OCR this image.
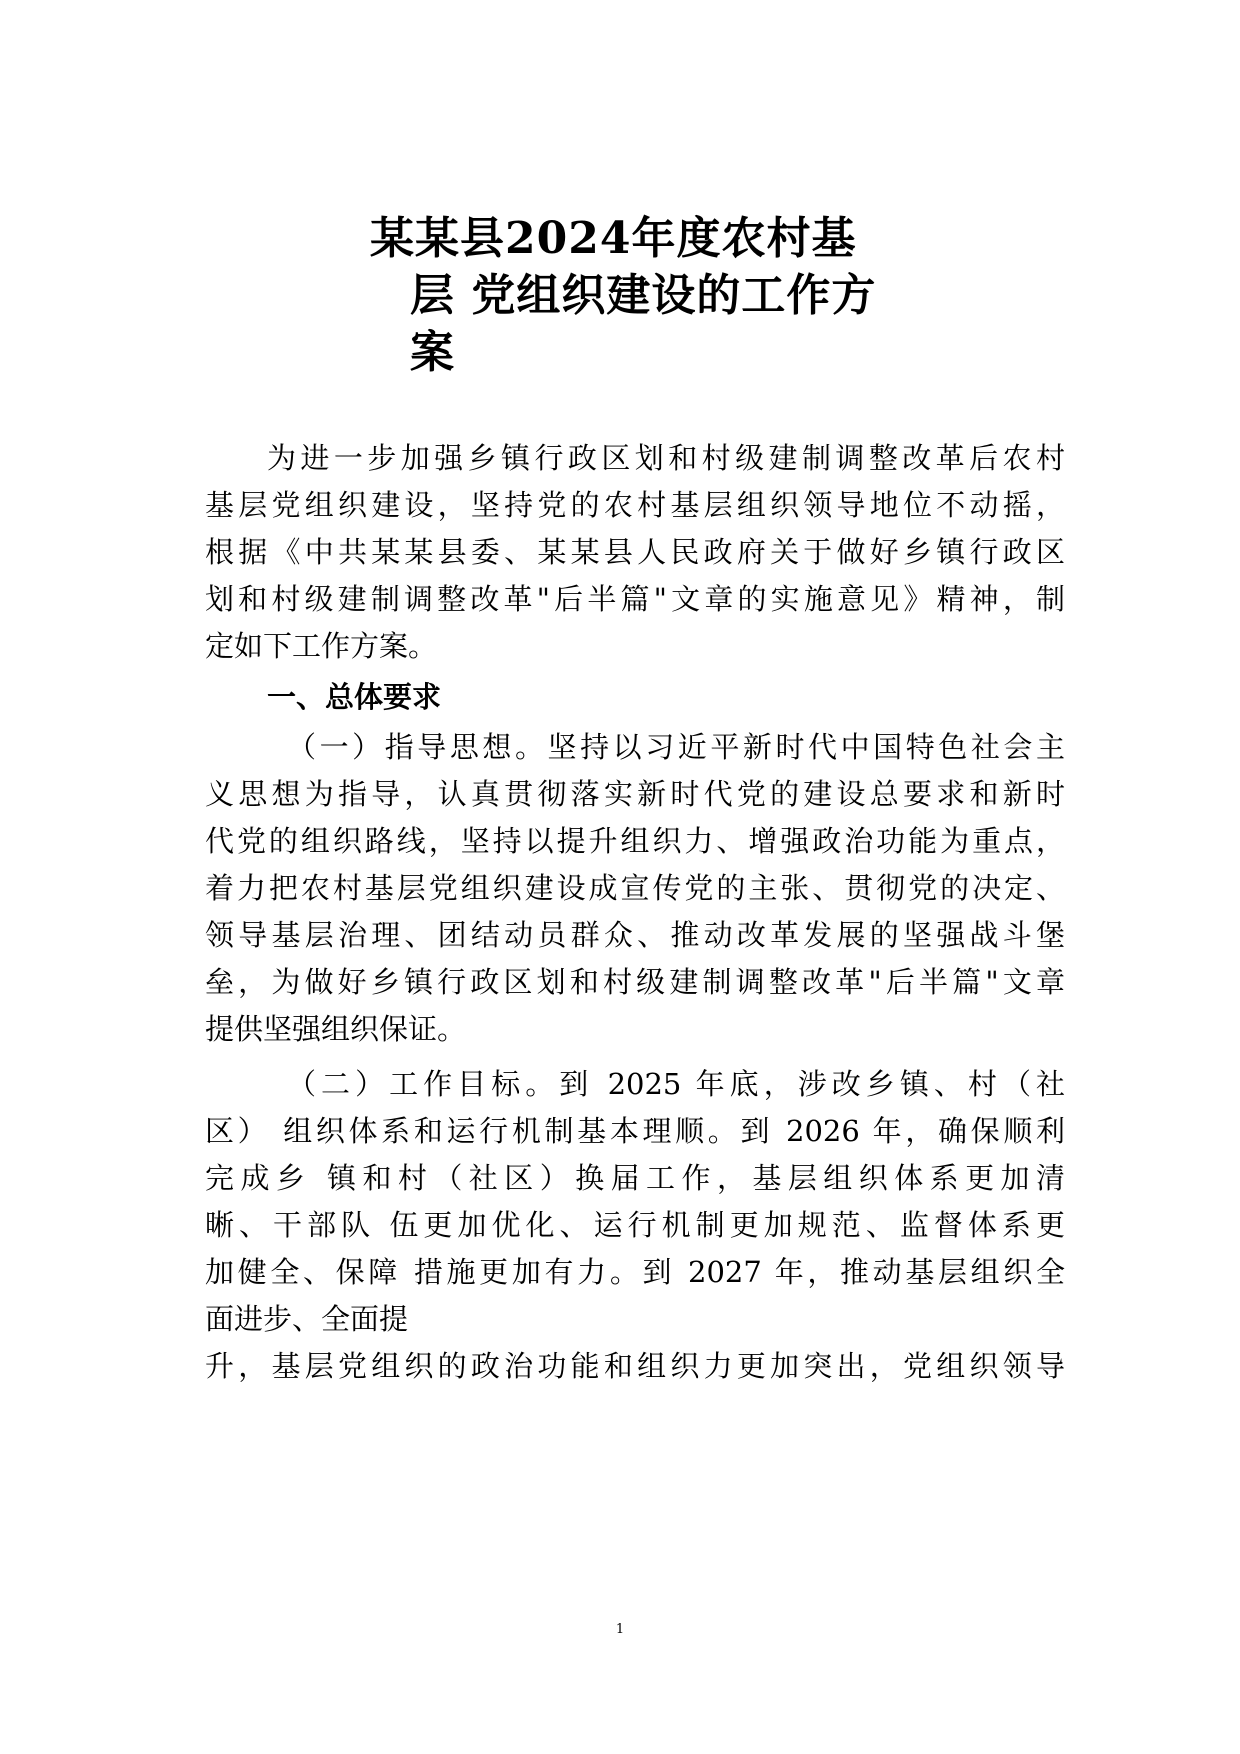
某某县2024年度农村基
层 党组织建设的工作方
案
为进一步加强乡镇行政区划和村级建制调整改革后农村
基层党组织建设，坚持党的农村基层组织领导地位不动摇，
根据《中共某某县委、某某县人民政府关于做好乡镇行政区
划和村级建制调整改革"后半篇"文章的实施意见》精神，制
定如下工作方案。
一、总体要求
（一）指导思想。坚持以习近平新时代中国特色社会主
义思想为指导，认真贯彻落实新时代党的建设总要求和新时
代党的组织路线，坚持以提升组织力、增强政治功能为重点，
着力把农村基层党组织建设成宣传党的主张、贯彻党的决定、
领导基层治理、团结动员群众、推动改革发展的坚强战斗堡
垒，为做好乡镇行政区划和村级建制调整改革"后半篇"文章
提供坚强组织保证。
（二）工作目标。到 2025 年底，涉改乡镇、村（社
区） 组织体系和运行机制基本理顺。到 2026 年，确保顺利
完成乡 镇和村（社区）换届工作，基层组织体系更加清
晰、干部队 伍更加优化、运行机制更加规范、监督体系更
加健全、保障 措施更加有力。到 2027 年，推动基层组织全
面进步、全面提
升，基层党组织的政治功能和组织力更加突出，党组织领导
1
